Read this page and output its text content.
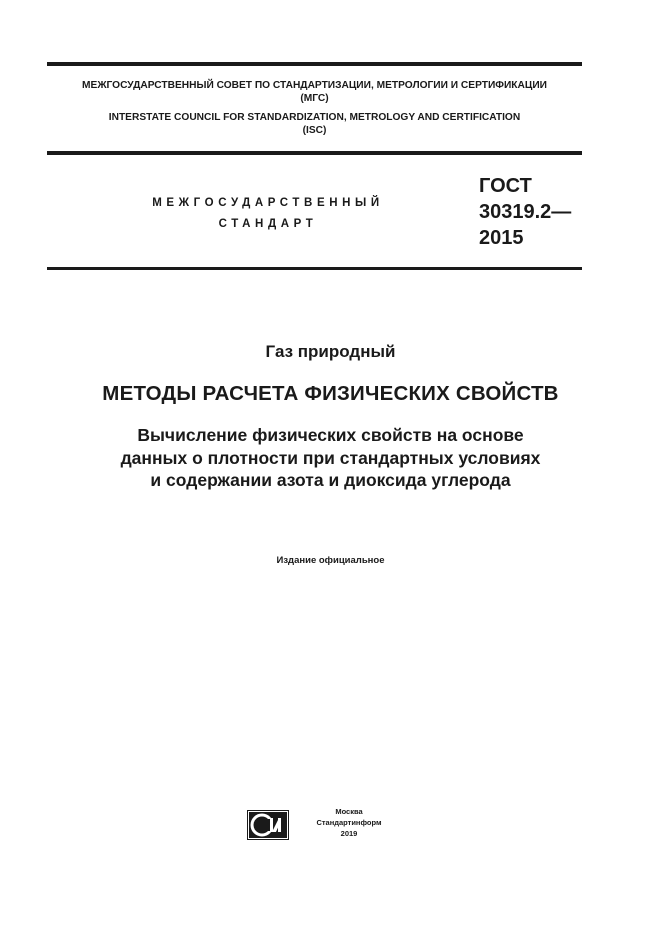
МЕЖГОСУДАРСТВЕННЫЙ СОВЕТ ПО СТАНДАРТИЗАЦИИ, МЕТРОЛОГИИ И СЕРТИФИКАЦИИ
(МГС)
INTERSTATE COUNCIL FOR STANDARDIZATION, METROLOGY AND CERTIFICATION
(ISC)
МЕЖГОСУДАРСТВЕННЫЙ
СТАНДАРТ
ГОСТ
30319.2—
2015
Газ природный
МЕТОДЫ РАСЧЕТА ФИЗИЧЕСКИХ СВОЙСТВ
Вычисление физических свойств на основе
данных о плотности при стандартных условиях
и содержании азота и диоксида углерода
Издание официальное
Москва
Стандартинформ
2019
